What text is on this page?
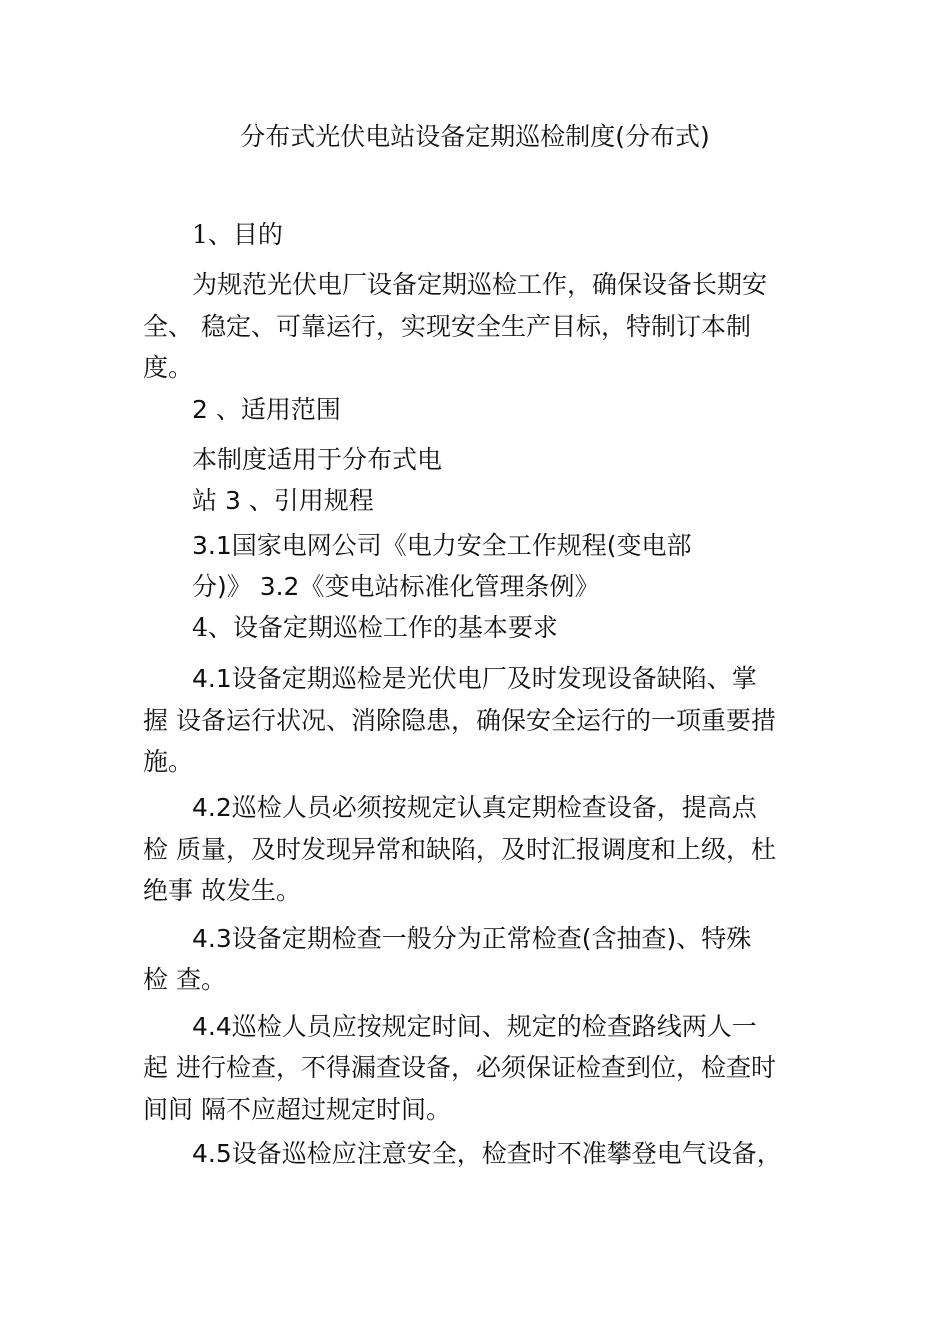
分布式光伏电站设备定期巡检制度(分布式)
1、目的
为规范光伏电厂设备定期巡检工作，确保设备长期安
全、 稳定、可靠运行，实现安全生产目标，特制订本制
度。
2 、适用范围
本制度适用于分布式电
站 3 、引用规程
3.1国家电网公司《电力安全工作规程(变电部
分)》 3.2《变电站标准化管理条例》
4、设备定期巡检工作的基本要求
4.1设备定期巡检是光伏电厂及时发现设备缺陷、掌
握 设备运行状况、消除隐患，确保安全运行的一项重要措
施。
4.2巡检人员必须按规定认真定期检查设备，提高点
检 质量，及时发现异常和缺陷，及时汇报调度和上级，杜
绝事 故发生。
4.3设备定期检查一般分为正常检查(含抽查)、特殊
检 查。
4.4巡检人员应按规定时间、规定的检查路线两人一
起 进行检查，不得漏查设备，必须保证检查到位，检查时
间间 隔不应超过规定时间。
4.5设备巡检应注意安全，检查时不准攀登电气设备，
